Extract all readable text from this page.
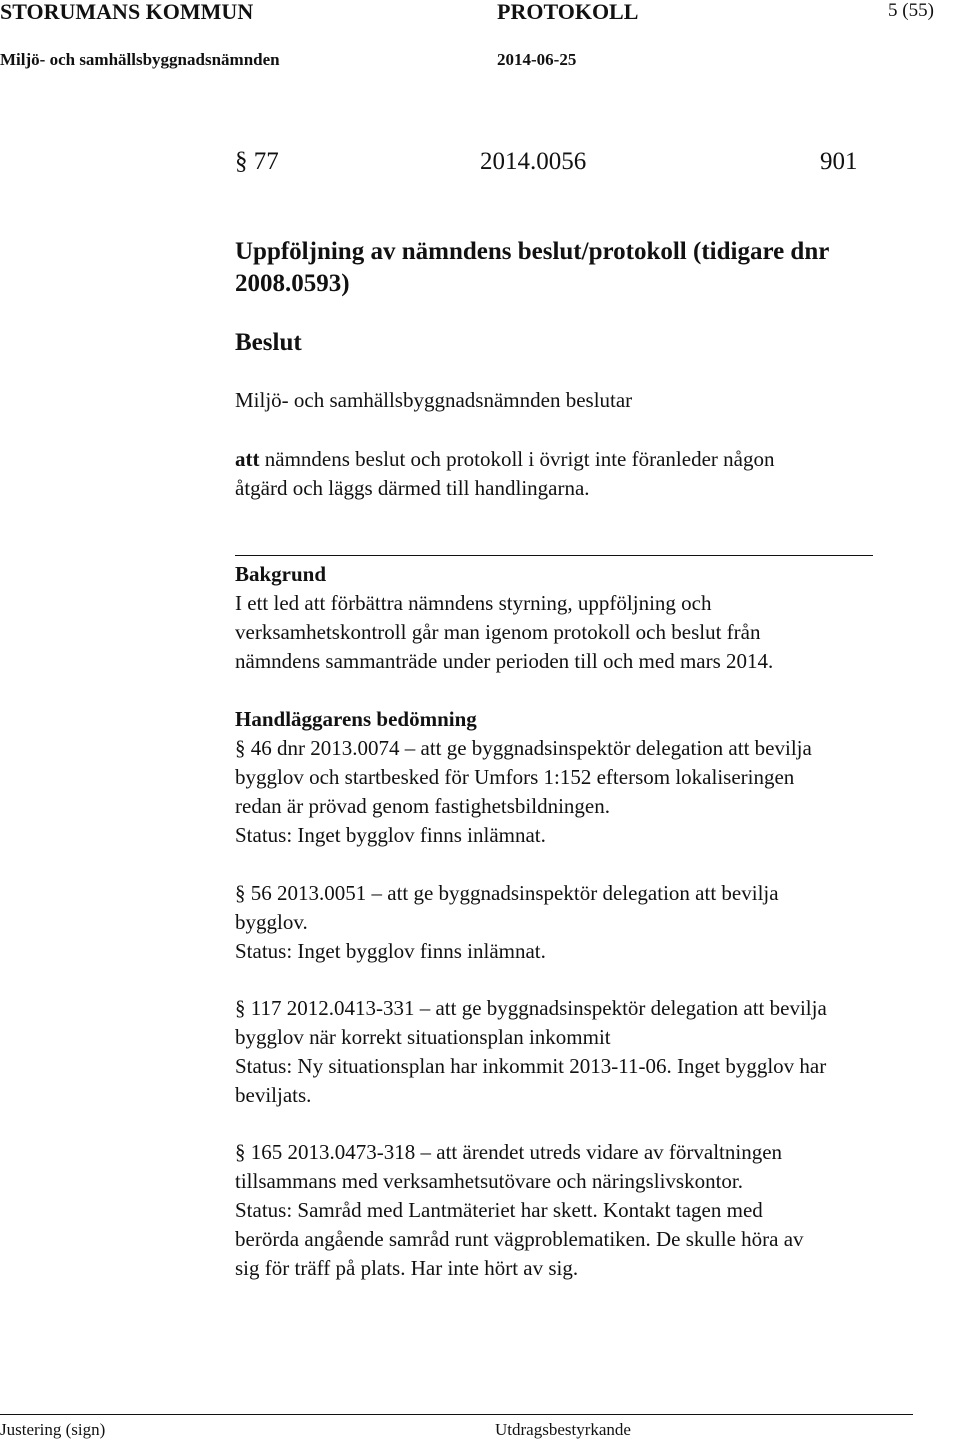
STORUMANS KOMMUN	PROTOKOLL	5 (55)
Miljö- och samhällsbyggnadsnämnden	2014-06-25
§ 77	2014.0056	901
Uppföljning av nämndens beslut/protokoll (tidigare dnr
2008.0593)
Beslut
Miljö- och samhällsbyggnadsnämnden beslutar
att nämndens beslut och protokoll i övrigt inte föranleder någon
åtgärd och läggs därmed till handlingarna.
Bakgrund
I ett led att förbättra nämndens styrning, uppföljning och
verksamhetskontroll går man igenom protokoll och beslut från
nämndens sammanträde under perioden till och med mars 2014.
Handläggarens bedömning
§ 46 dnr 2013.0074 – att ge byggnadsinspektör delegation att bevilja
bygglov och startbesked för Umfors 1:152 eftersom lokaliseringen
redan är prövad genom fastighetsbildningen.
Status: Inget bygglov finns inlämnat.
§ 56 2013.0051 – att ge byggnadsinspektör delegation att bevilja
bygglov.
Status: Inget bygglov finns inlämnat.
§ 117 2012.0413-331 – att ge byggnadsinspektör delegation att bevilja
bygglov när korrekt situationsplan inkommit
Status: Ny situationsplan har inkommit 2013-11-06. Inget bygglov har
beviljats.
§ 165 2013.0473-318 – att ärendet utreds vidare av förvaltningen
tillsammans med verksamhetsutövare och näringslivskontor.
Status: Samråd med Lantmäteriet har skett. Kontakt tagen med
berörda angående samråd runt vägproblematiken. De skulle höra av
sig för träff på plats. Har inte hört av sig.
Justering (sign)	Utdragsbestyrkande
